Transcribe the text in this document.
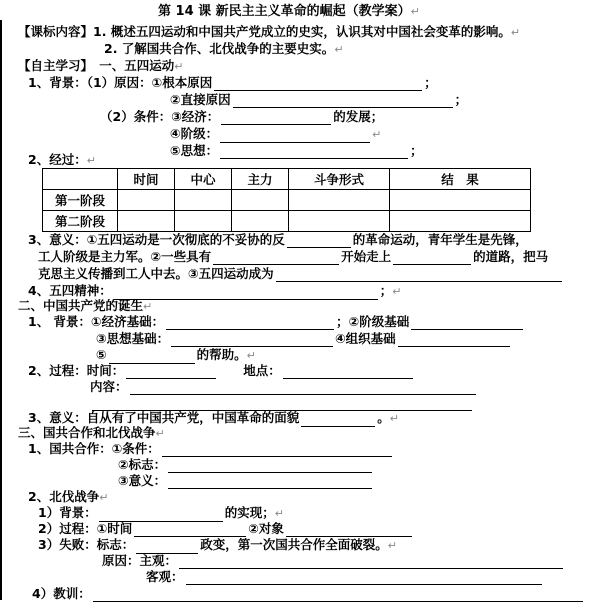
第 14 课 新民主主义革命的崛起（教学案）↵
【课标内容】1. 概述五四运动和中国共产党成立的史实，认识其对中国社会变革的影响。↵
2. 了解国共合作、北伐战争的主要史实。↵
【自主学习】　 一、五四运动↵
1、背景：（1）原因：①根本原因	；
②直接原因	；
（2）条件：③经济：	的发展；
④阶级：	↵
⑤思想：	；
2、经过：↵
	时间	中心	主力	斗争形式	结　果
第一阶段					
第二阶段					
3、意义：①五四运动是一次彻底的不妥协的反	的革命运动，青年学生是先锋，
工人阶级是主力军。②一些具有	开始走上	的道路，把马
克思主义传播到工人中去。③五四运动成为
4、五四精神：	；↵
二、中国共产党的诞生↵
1、 背景：①经济基础：	；②阶级基础
③思想基础：	④组织基础
⑤	的帮助。↵
2、过程：时间：　　	地点：
内容：
3、意义：自从有了中国共产党，中国革命的面貌	。↵
三、国共合作和北伐战争↵
1、国共合作：①条件：
②标志：
③意义：
2、北伐战争↵
1）背景：	的实现；↵
2）过程：①时间	②对象
3）失败：标志：	政变，第一次国共合作全面破裂。↵
原因：主观：
客观：
4）教训：
